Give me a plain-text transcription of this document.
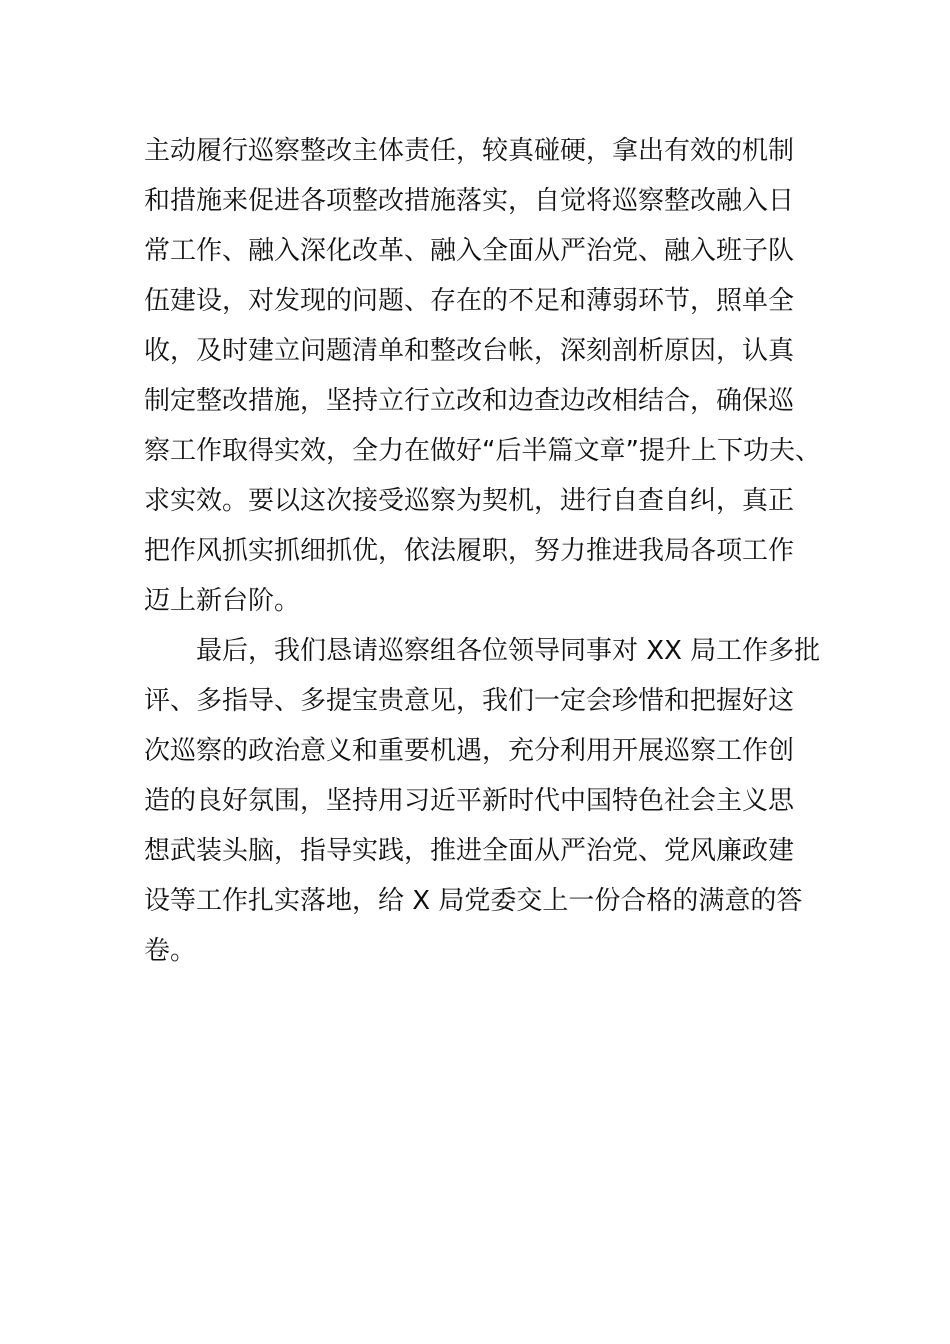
主动履行巡察整改主体责任，较真碰硬，拿出有效的机制
和措施来促进各项整改措施落实，自觉将巡察整改融入日
常工作、融入深化改革、融入全面从严治党、融入班子队
伍建设，对发现的问题、存在的不足和薄弱环节，照单全
收，及时建立问题清单和整改台帐，深刻剖析原因，认真
制定整改措施，坚持立行立改和边查边改相结合，确保巡
察工作取得实效，全力在做好“后半篇文章”提升上下功夫、
求实效。要以这次接受巡察为契机，进行自查自纠，真正
把作风抓实抓细抓优，依法履职，努力推进我局各项工作
迈上新台阶。
最后，我们恳请巡察组各位领导同事对 XX 局工作多批
评、多指导、多提宝贵意见，我们一定会珍惜和把握好这
次巡察的政治意义和重要机遇，充分利用开展巡察工作创
造的良好氛围，坚持用习近平新时代中国特色社会主义思
想武装头脑，指导实践，推进全面从严治党、党风廉政建
设等工作扎实落地，给 X 局党委交上一份合格的满意的答
卷。
